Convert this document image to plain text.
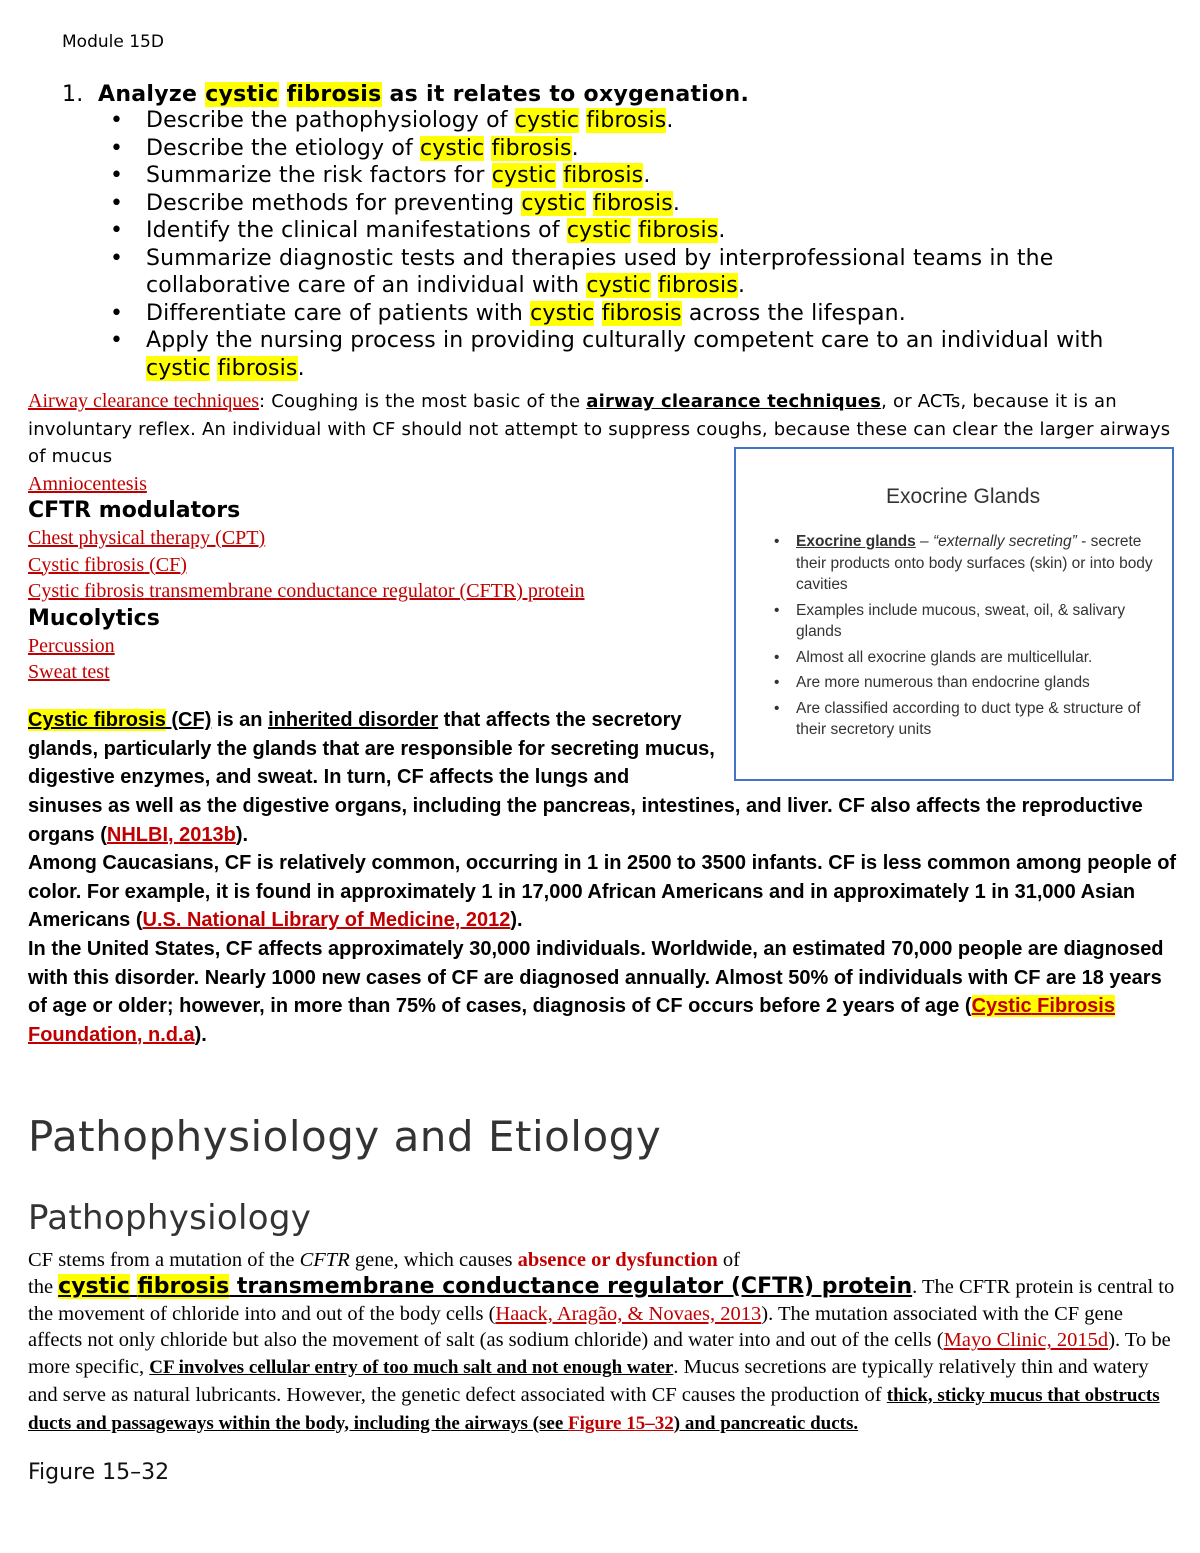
Module 15D
1. Analyze cystic fibrosis as it relates to oxygenation.
• Describe the pathophysiology of cystic fibrosis.
• Describe the etiology of cystic fibrosis.
• Summarize the risk factors for cystic fibrosis.
• Describe methods for preventing cystic fibrosis.
• Identify the clinical manifestations of cystic fibrosis.
• Summarize diagnostic tests and therapies used by interprofessional teams in the collaborative care of an individual with cystic fibrosis.
• Differentiate care of patients with cystic fibrosis across the lifespan.
• Apply the nursing process in providing culturally competent care to an individual with cystic fibrosis.
Airway clearance techniques: Coughing is the most basic of the airway clearance techniques, or ACTs, because it is an involuntary reflex. An individual with CF should not attempt to suppress coughs, because these can clear the larger airways of mucus
Amniocentesis
CFTR modulators
Chest physical therapy (CPT)
Cystic fibrosis (CF)
Cystic fibrosis transmembrane conductance regulator (CFTR) protein
Mucolytics
Percussion
Sweat test
Exocrine Glands
• Exocrine glands – “externally secreting” - secrete their products onto body surfaces (skin) or into body cavities
• Examples include mucous, sweat, oil, & salivary glands
• Almost all exocrine glands are multicellular.
• Are more numerous than endocrine glands
• Are classified according to duct type & structure of their secretory units
Cystic fibrosis (CF) is an inherited disorder that affects the secretory glands, particularly the glands that are responsible for secreting mucus, digestive enzymes, and sweat. In turn, CF affects the lungs and
sinuses as well as the digestive organs, including the pancreas, intestines, and liver. CF also affects the reproductive organs (NHLBI, 2013b).
Among Caucasians, CF is relatively common, occurring in 1 in 2500 to 3500 infants. CF is less common among people of color. For example, it is found in approximately 1 in 17,000 African Americans and in approximately 1 in 31,000 Asian Americans (U.S. National Library of Medicine, 2012).
In the United States, CF affects approximately 30,000 individuals. Worldwide, an estimated 70,000 people are diagnosed with this disorder. Nearly 1000 new cases of CF are diagnosed annually. Almost 50% of individuals with CF are 18 years of age or older; however, in more than 75% of cases, diagnosis of CF occurs before 2 years of age (Cystic Fibrosis Foundation, n.d.a).
Pathophysiology and Etiology
Pathophysiology
CF stems from a mutation of the CFTR gene, which causes absence or dysfunction of
the cystic fibrosis transmembrane conductance regulator (CFTR) protein. The CFTR protein is central to the movement of chloride into and out of the body cells (Haack, Aragão, & Novaes, 2013). The mutation associated with the CF gene affects not only chloride but also the movement of salt (as sodium chloride) and water into and out of the cells (Mayo Clinic, 2015d). To be more specific, CF involves cellular entry of too much salt and not enough water. Mucus secretions are typically relatively thin and watery and serve as natural lubricants. However, the genetic defect associated with CF causes the production of thick, sticky mucus that obstructs ducts and passageways within the body, including the airways (see Figure 15–32) and pancreatic ducts.
Figure 15–32
